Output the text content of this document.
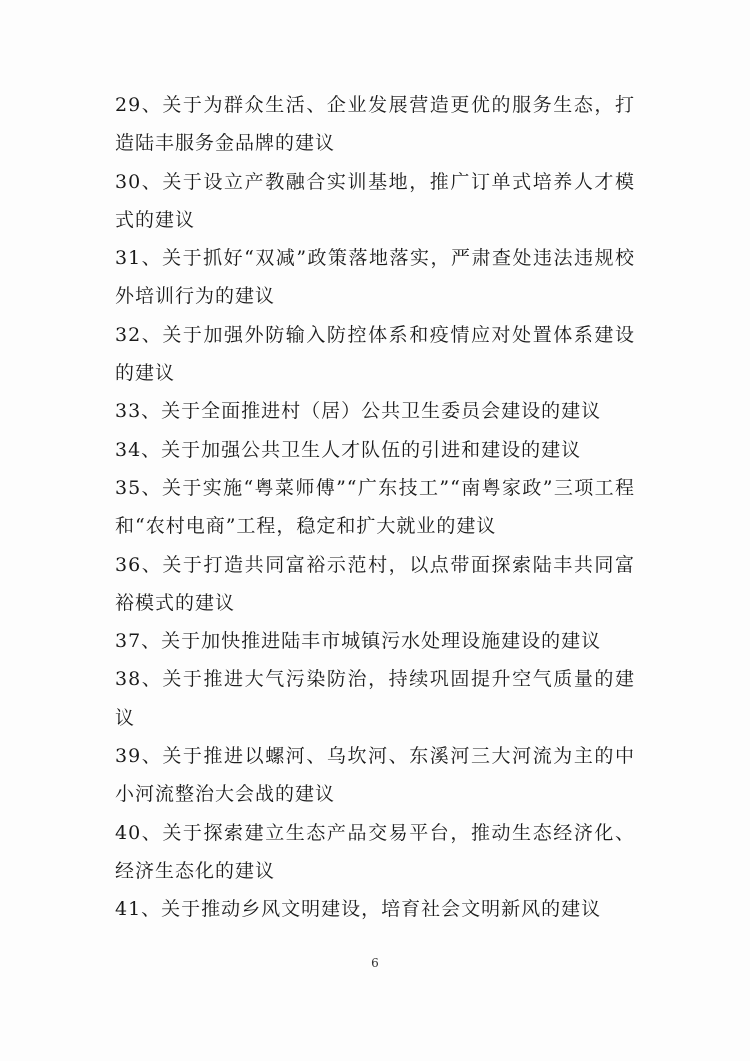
29、关于为群众生活、企业发展营造更优的服务生态，打造陆丰服务金品牌的建议
30、关于设立产教融合实训基地，推广订单式培养人才模式的建议
31、关于抓好“双减”政策落地落实，严肃查处违法违规校外培训行为的建议
32、关于加强外防输入防控体系和疫情应对处置体系建设的建议
33、关于全面推进村（居）公共卫生委员会建设的建议
34、关于加强公共卫生人才队伍的引进和建设的建议
35、关于实施“粤菜师傅”“广东技工”“南粤家政”三项工程和“农村电商”工程，稳定和扩大就业的建议
36、关于打造共同富裕示范村，以点带面探索陆丰共同富裕模式的建议
37、关于加快推进陆丰市城镇污水处理设施建设的建议
38、关于推进大气污染防治，持续巩固提升空气质量的建议
39、关于推进以螺河、乌坎河、东溪河三大河流为主的中小河流整治大会战的建议
40、关于探索建立生态产品交易平台，推动生态经济化、经济生态化的建议
41、关于推动乡风文明建设，培育社会文明新风的建议
6
